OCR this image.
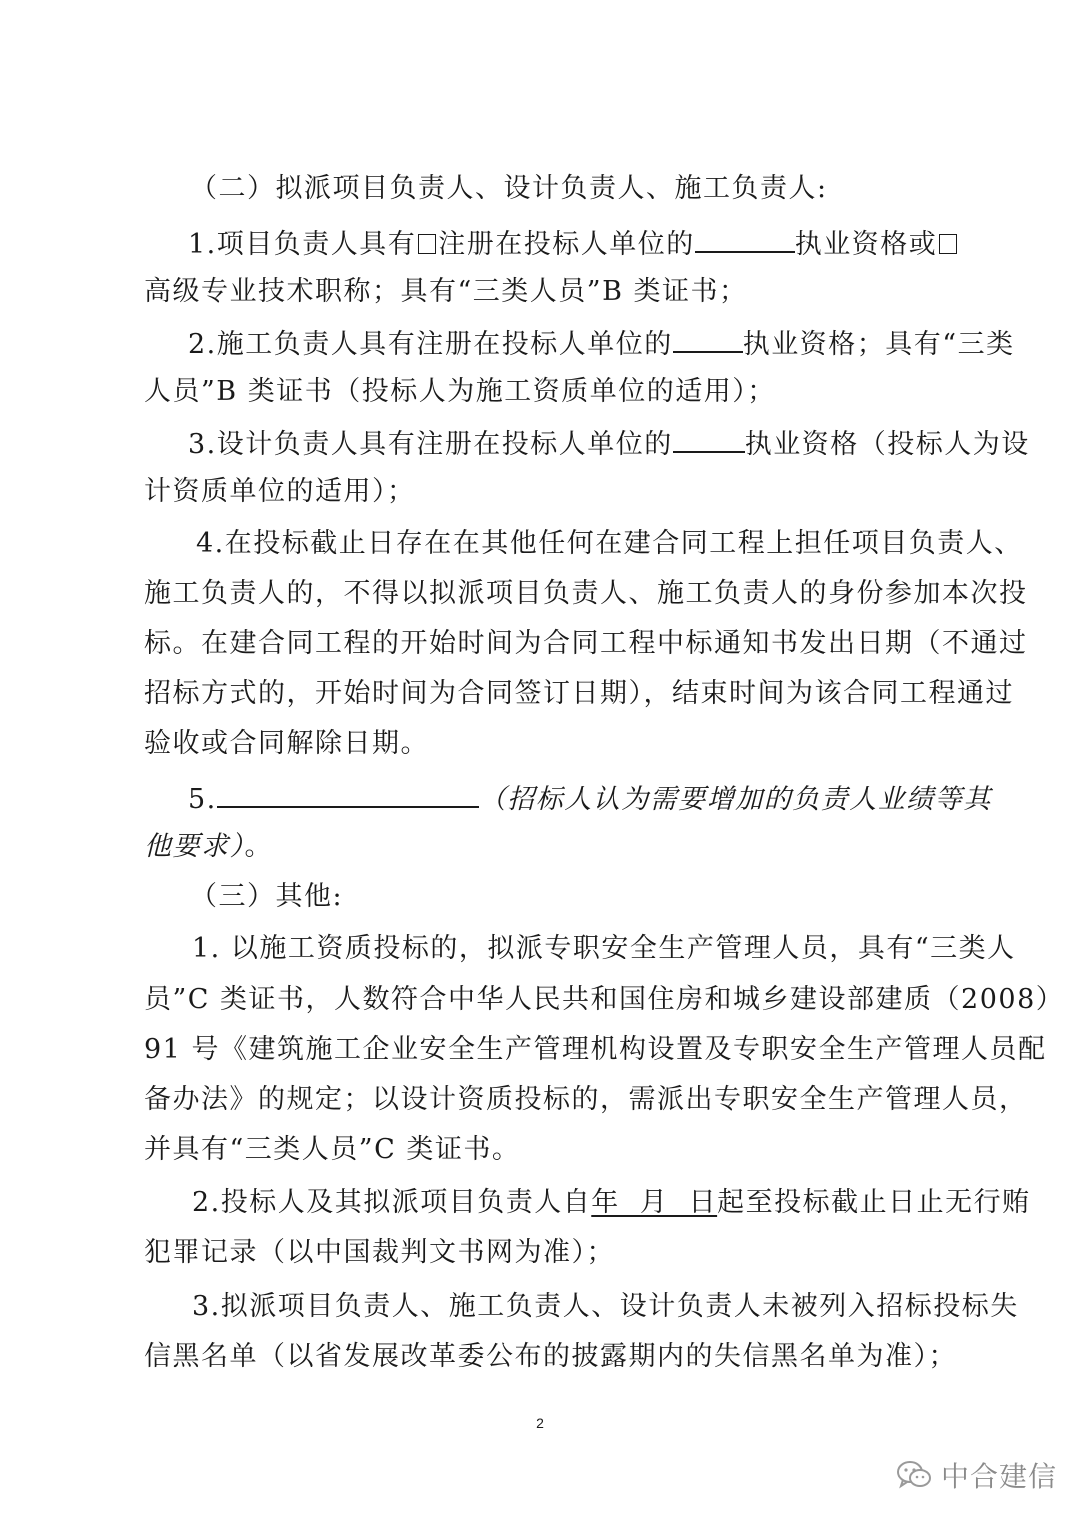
（二）拟派项目负责人、设计负责人、施工负责人:
1.项目负责人具有 注册在投标人单位的	执业资格或
高级专业技术职称；具有“三类人员”B 类证书；
2.施工负责人具有注册在投标人单位的	执业资格；具有“三类
人员”B 类证书（投标人为施工资质单位的适用）；
3.设计负责人具有注册在投标人单位的	执业资格（投标人为设
计资质单位的适用）；
4.在投标截止日存在在其他任何在建合同工程上担任项目负责人、
施工负责人的，不得以拟派项目负责人、施工负责人的身份参加本次投
标。在建合同工程的开始时间为合同工程中标通知书发出日期（不通过
招标方式的，开始时间为合同签订日期），结束时间为该合同工程通过
验收或合同解除日期。
5.	（招标人认为需要增加的负责人业绩等其
他要求）。
（三）其他:
1. 以施工资质投标的，拟派专职安全生产管理人员，具有“三类人
员”C 类证书，人数符合中华人民共和国住房和城乡建设部建质（2008）
91 号《建筑施工企业安全生产管理机构设置及专职安全生产管理人员配
备办法》的规定；以设计资质投标的，需派出专职安全生产管理人员，
并具有“三类人员”C 类证书。
2.投标人及其拟派项目负责人自年  月  日起至投标截止日止无行贿
犯罪记录（以中国裁判文书网为准）；
3.拟派项目负责人、施工负责人、设计负责人未被列入招标投标失
信黑名单（以省发展改革委公布的披露期内的失信黑名单为准）；
2
中合建信
